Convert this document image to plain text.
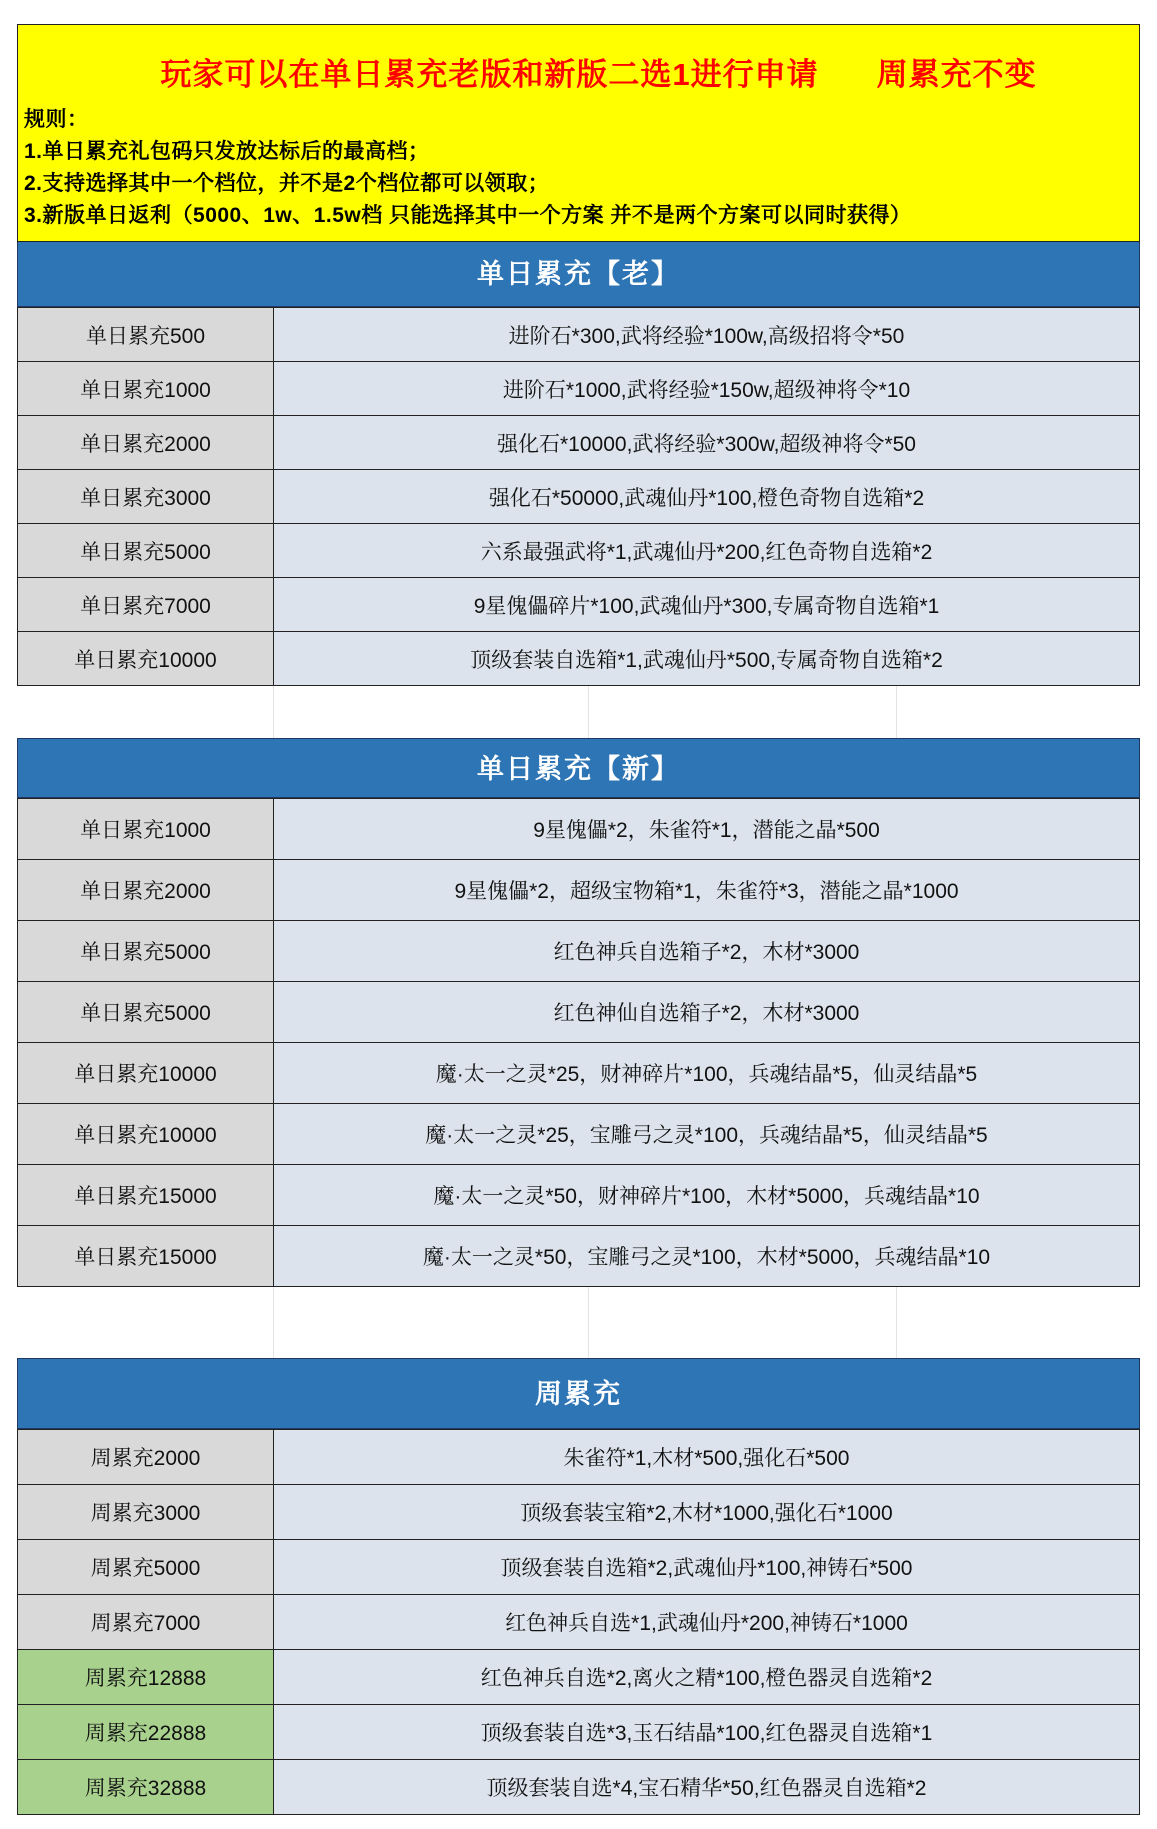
玩家可以在单日累充老版和新版二选1进行申请 周累充不变
规则：
1.单日累充礼包码只发放达标后的最高档；
2.支持选择其中一个档位，并不是2个档位都可以领取；
3.新版单日返利（5000、1w、1.5w档 只能选择其中一个方案 并不是两个方案可以同时获得）
单日累充【老】
单日累充500	进阶石*300,武将经验*100w,高级招将令*50
单日累充1000	进阶石*1000,武将经验*150w,超级神将令*10
单日累充2000	强化石*10000,武将经验*300w,超级神将令*50
单日累充3000	强化石*50000,武魂仙丹*100,橙色奇物自选箱*2
单日累充5000	六系最强武将*1,武魂仙丹*200,红色奇物自选箱*2
单日累充7000	9星傀儡碎片*100,武魂仙丹*300,专属奇物自选箱*1
单日累充10000	顶级套装自选箱*1,武魂仙丹*500,专属奇物自选箱*2
单日累充【新】
单日累充1000	9星傀儡*2，朱雀符*1，潜能之晶*500
单日累充2000	9星傀儡*2，超级宝物箱*1，朱雀符*3，潜能之晶*1000
单日累充5000	红色神兵自选箱子*2，木材*3000
单日累充5000	红色神仙自选箱子*2，木材*3000
单日累充10000	魔·太一之灵*25，财神碎片*100，兵魂结晶*5，仙灵结晶*5
单日累充10000	魔·太一之灵*25，宝雕弓之灵*100，兵魂结晶*5，仙灵结晶*5
单日累充15000	魔·太一之灵*50，财神碎片*100，木材*5000，兵魂结晶*10
单日累充15000	魔·太一之灵*50，宝雕弓之灵*100，木材*5000，兵魂结晶*10
周累充
周累充2000	朱雀符*1,木材*500,强化石*500
周累充3000	顶级套装宝箱*2,木材*1000,强化石*1000
周累充5000	顶级套装自选箱*2,武魂仙丹*100,神铸石*500
周累充7000	红色神兵自选*1,武魂仙丹*200,神铸石*1000
周累充12888	红色神兵自选*2,离火之精*100,橙色器灵自选箱*2
周累充22888	顶级套装自选*3,玉石结晶*100,红色器灵自选箱*1
周累充32888	顶级套装自选*4,宝石精华*50,红色器灵自选箱*2
